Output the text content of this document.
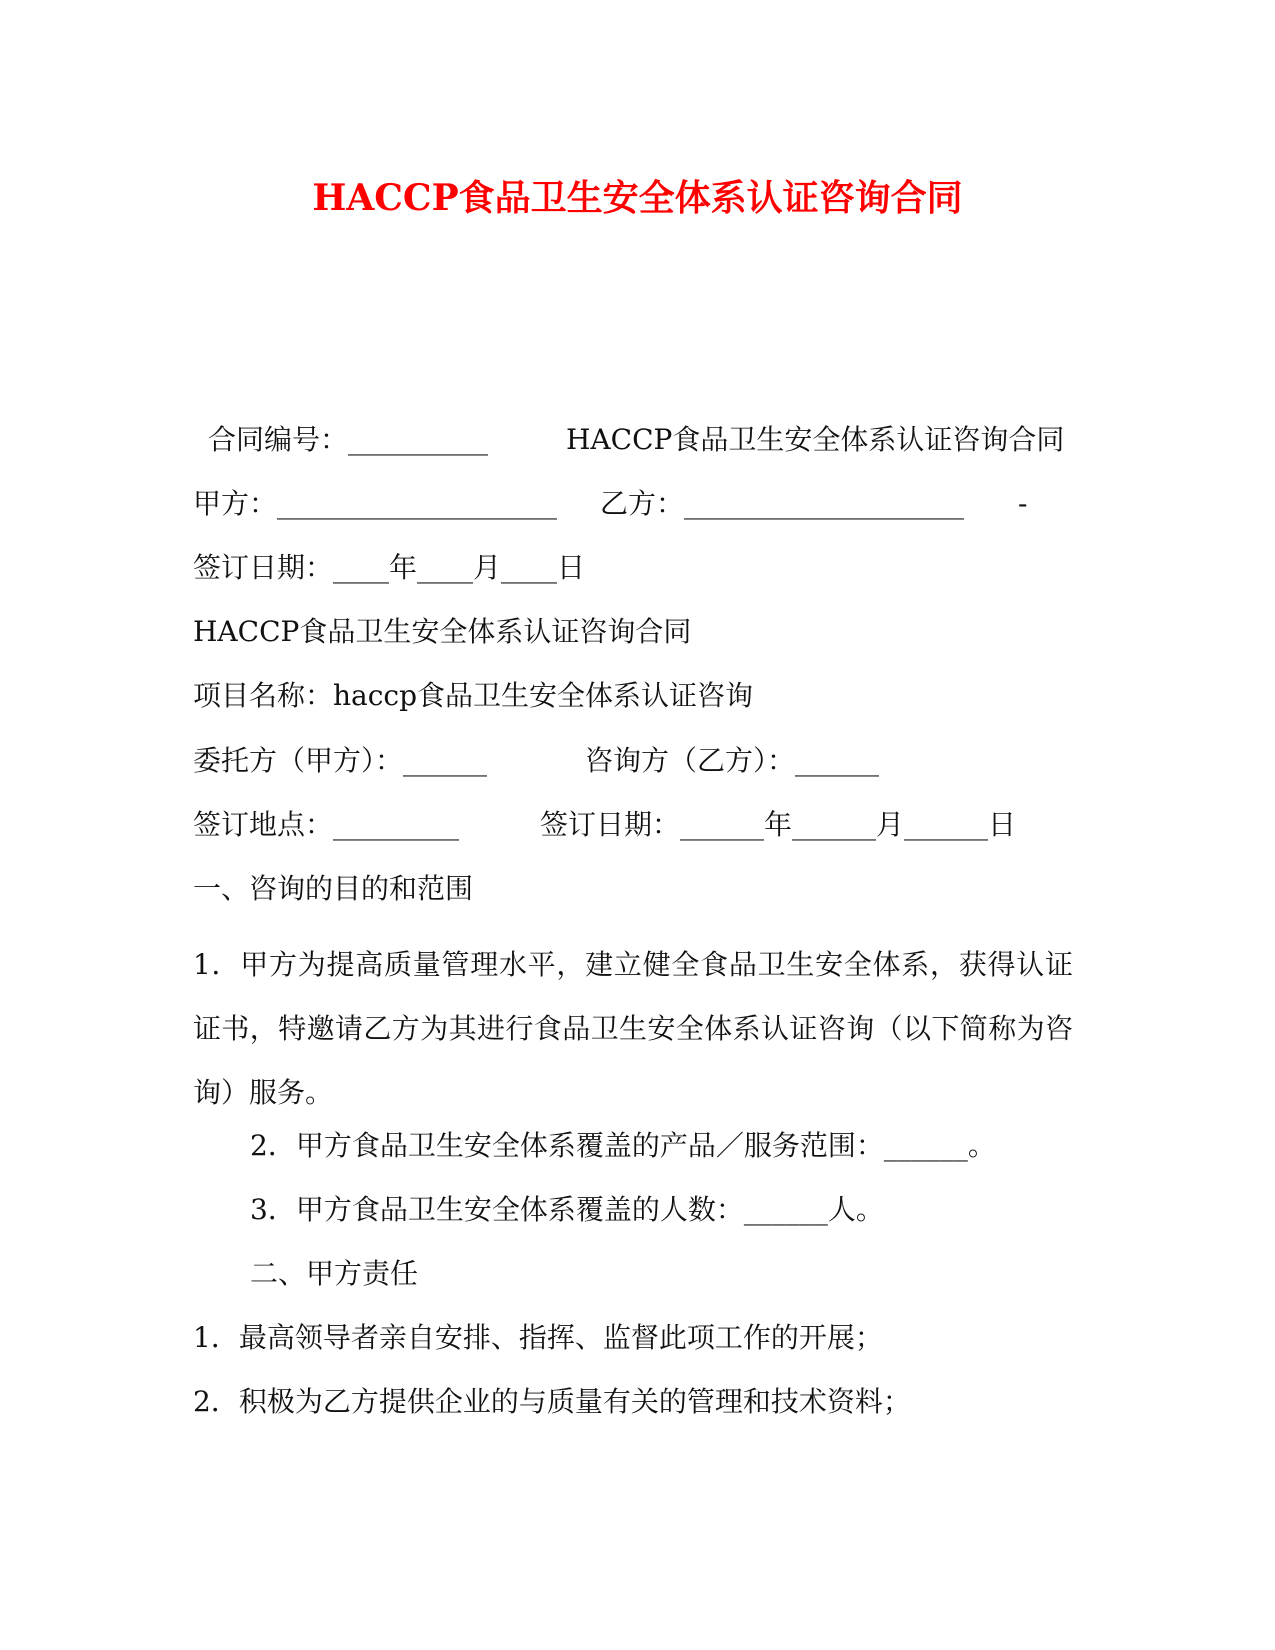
HACCP食品卫生安全体系认证咨询合同
合同编号：__________	HACCP食品卫生安全体系认证咨询合同
甲方：____________________ 乙方：____________________ -
签订日期：____年____月____日
HACCP食品卫生安全体系认证咨询合同
项目名称：haccp食品卫生安全体系认证咨询
委托方（甲方）：______	咨询方（乙方）：______
签订地点：_________	签订日期：______年______月______日
一、咨询的目的和范围
1．甲方为提高质量管理水平，建立健全食品卫生安全体系，获得认证证书，特邀请乙方为其进行食品卫生安全体系认证咨询（以下简称为咨询）服务。
2．甲方食品卫生安全体系覆盖的产品／服务范围：______。
3．甲方食品卫生安全体系覆盖的人数：______人。
二、甲方责任
1．最高领导者亲自安排、指挥、监督此项工作的开展；
2．积极为乙方提供企业的与质量有关的管理和技术资料；
